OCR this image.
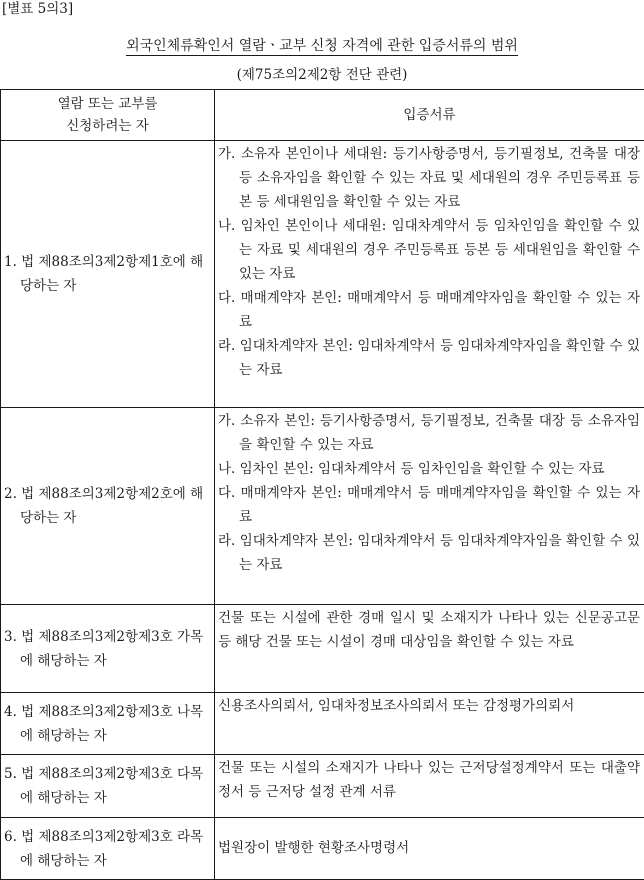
[별표 5의3]
외국인체류확인서 열람ㆍ교부 신청 자격에 관한 입증서류의 범위
(제75조의2제2항 전단 관련)
열람 또는 교부를
신청하려는 자	입증서류

1. 법 제88조의3제2항제1호에 해당하는 자	가. 소유자 본인이나 세대원: 등기사항증명서, 등기필정보, 건축물 대장 등 소유자임을 확인할 수 있는 자료 및 세대원의 경우 주민등록표 등본 등 세대원임을 확인할 수 있는 자료

나. 임차인 본인이나 세대원: 임대차계약서 등 임차인임을 확인할 수 있는 자료 및 세대원의 경우 주민등록표 등본 등 세대원임을 확인할 수 있는 자료

다. 매매계약자 본인: 매매계약서 등 매매계약자임을 확인할 수 있는 자료

라. 임대차계약자 본인: 임대차계약서 등 임대차계약자임을 확인할 수 있는 자료

2. 법 제88조의3제2항제2호에 해당하는 자	가. 소유자 본인: 등기사항증명서, 등기필정보, 건축물 대장 등 소유자임을 확인할 수 있는 자료

나. 임차인 본인: 임대차계약서 등 임차인임을 확인할 수 있는 자료

다. 매매계약자 본인: 매매계약서 등 매매계약자임을 확인할 수 있는 자료

라. 임대차계약자 본인: 임대차계약서 등 임대차계약자임을 확인할 수 있는 자료

3. 법 제88조의3제2항제3호 가목에 해당하는 자	건물 또는 시설에 관한 경매 일시 및 소재지가 나타나 있는 신문공고문 등 해당 건물 또는 시설이 경매 대상임을 확인할 수 있는 자료

4. 법 제88조의3제2항제3호 나목에 해당하는 자	신용조사의뢰서, 임대차정보조사의뢰서 또는 감정평가의뢰서

5. 법 제88조의3제2항제3호 다목에 해당하는 자	건물 또는 시설의 소재지가 나타나 있는 근저당설정계약서 또는 대출약정서 등 근저당 설정 관계 서류

6. 법 제88조의3제2항제3호 라목에 해당하는 자	법원장이 발행한 현황조사명령서
